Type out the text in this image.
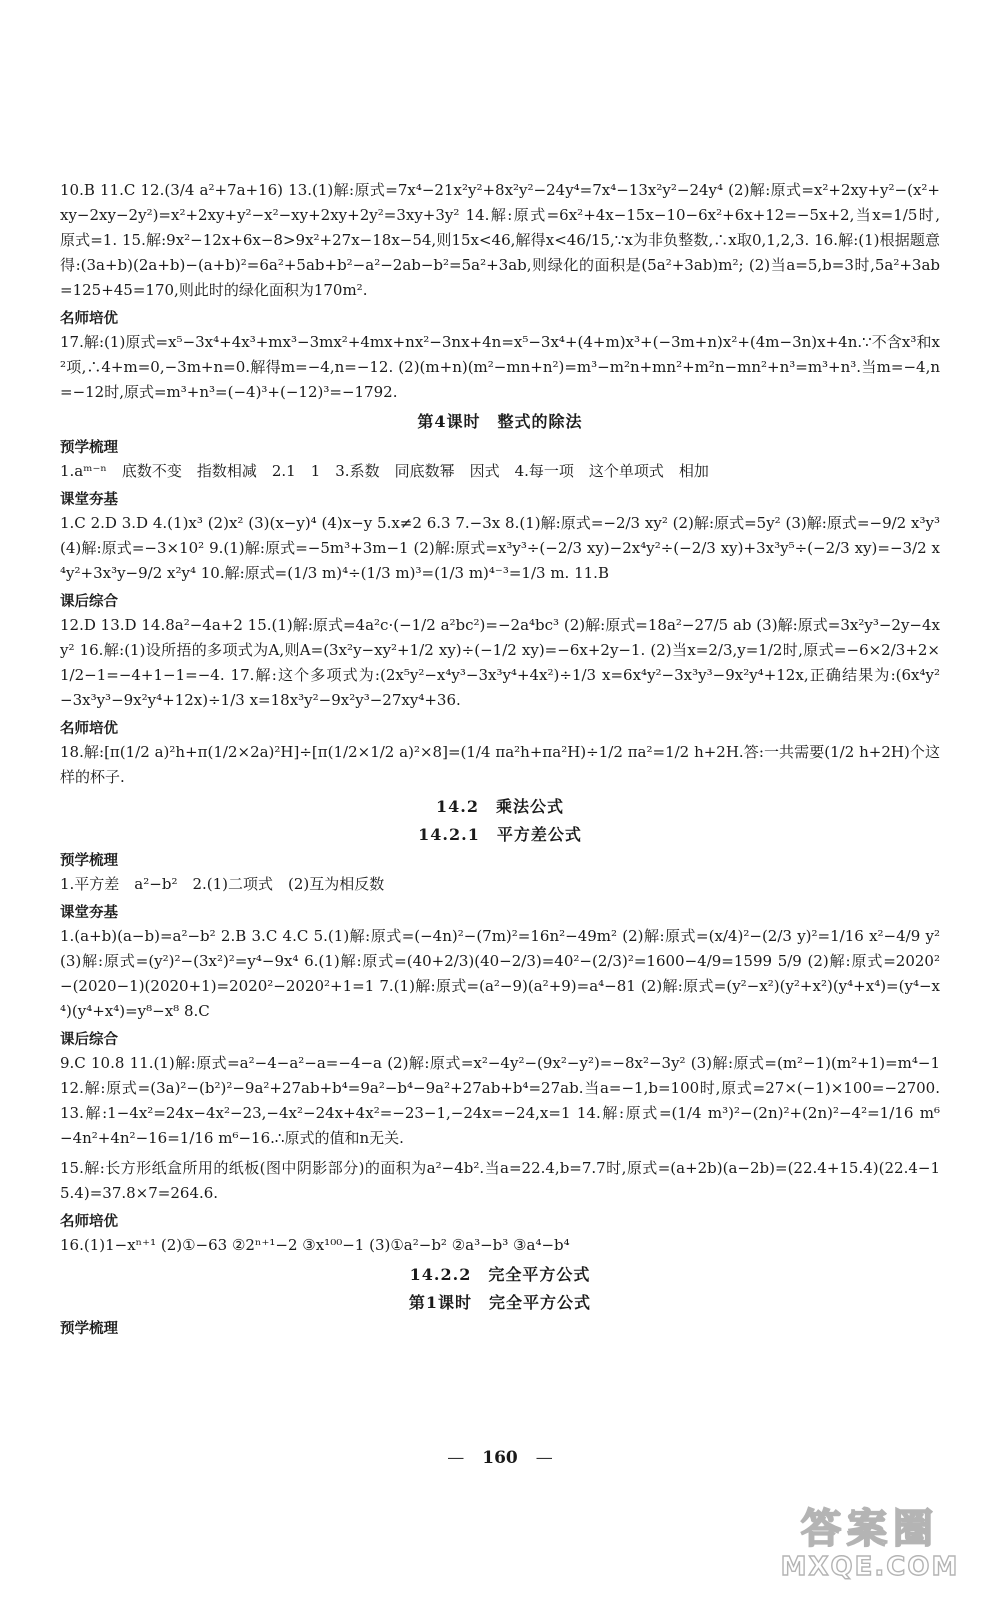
10.B 11.C 12.(3/4 a²+7a+16) 13.(1)解:原式=7x⁴−21x²y²+8x²y²−24y⁴=7x⁴−13x²y²−24y⁴ (2)解:原式=x²+2xy+y²−(x²+xy−2xy−2y²)=x²+2xy+y²−x²−xy+2xy+2y²=3xy+3y² 14.解:原式=6x²+4x−15x−10−6x²+6x+12=−5x+2,当x=1/5时,原式=1. 15.解:9x²−12x+6x−8>9x²+27x−18x−54,则15x<46,解得x<46/15,∵x为非负整数,∴x取0,1,2,3. 16.解:(1)根据题意得:(3a+b)(2a+b)−(a+b)²=6a²+5ab+b²−a²−2ab−b²=5a²+3ab,则绿化的面积是(5a²+3ab)m²; (2)当a=5,b=3时,5a²+3ab=125+45=170,则此时的绿化面积为170m².

名师培优

17.解:(1)原式=x⁵−3x⁴+4x³+mx³−3mx²+4mx+nx²−3nx+4n=x⁵−3x⁴+(4+m)x³+(−3m+n)x²+(4m−3n)x+4n.∵不含x³和x²项,∴4+m=0,−3m+n=0.解得m=−4,n=−12. (2)(m+n)(m²−mn+n²)=m³−m²n+mn²+m²n−mn²+n³=m³+n³.当m=−4,n=−12时,原式=m³+n³=(−4)³+(−12)³=−1792.

第4课时　整式的除法
预学梳理

1.aᵐ⁻ⁿ　底数不变　指数相减　2.1　1　3.系数　同底数幂　因式　4.每一项　这个单项式　相加

课堂夯基

1.C 2.D 3.D 4.(1)x³ (2)x² (3)(x−y)⁴ (4)x−y 5.x≠2 6.3 7.−3x 8.(1)解:原式=−2/3 xy² (2)解:原式=5y² (3)解:原式=−9/2 x³y³ (4)解:原式=−3×10² 9.(1)解:原式=−5m³+3m−1 (2)解:原式=x³y³÷(−2/3 xy)−2x⁴y²÷(−2/3 xy)+3x³y⁵÷(−2/3 xy)=−3/2 x⁴y²+3x³y−9/2 x²y⁴ 10.解:原式=(1/3 m)⁴÷(1/3 m)³=(1/3 m)⁴⁻³=1/3 m. 11.B

课后综合

12.D 13.D 14.8a²−4a+2 15.(1)解:原式=4a²c·(−1/2 a²bc²)=−2a⁴bc³ (2)解:原式=18a²−27/5 ab (3)解:原式=3x²y³−2y−4xy² 16.解:(1)设所捂的多项式为A,则A=(3x²y−xy²+1/2 xy)÷(−1/2 xy)=−6x+2y−1. (2)当x=2/3,y=1/2时,原式=−6×2/3+2×1/2−1=−4+1−1=−4. 17.解:这个多项式为:(2x⁵y²−x⁴y³−3x³y⁴+4x²)÷1/3 x=6x⁴y²−3x³y³−9x²y⁴+12x,正确结果为:(6x⁴y²−3x³y³−9x²y⁴+12x)÷1/3 x=18x³y²−9x²y³−27xy⁴+36.

名师培优

18.解:[π(1/2 a)²h+π(1/2×2a)²H]÷[π(1/2×1/2 a)²×8]=(1/4 πa²h+πa²H)÷1/2 πa²=1/2 h+2H.答:一共需要(1/2 h+2H)个这样的杯子.

14.2　乘法公式
14.2.1　平方差公式
预学梳理

1.平方差　a²−b²　2.(1)二项式　(2)互为相反数

课堂夯基

1.(a+b)(a−b)=a²−b² 2.B 3.C 4.C 5.(1)解:原式=(−4n)²−(7m)²=16n²−49m² (2)解:原式=(x/4)²−(2/3 y)²=1/16 x²−4/9 y² (3)解:原式=(y²)²−(3x²)²=y⁴−9x⁴ 6.(1)解:原式=(40+2/3)(40−2/3)=40²−(2/3)²=1600−4/9=1599 5/9 (2)解:原式=2020²−(2020−1)(2020+1)=2020²−2020²+1=1 7.(1)解:原式=(a²−9)(a²+9)=a⁴−81 (2)解:原式=(y²−x²)(y²+x²)(y⁴+x⁴)=(y⁴−x⁴)(y⁴+x⁴)=y⁸−x⁸ 8.C

课后综合

9.C 10.8 11.(1)解:原式=a²−4−a²−a=−4−a (2)解:原式=x²−4y²−(9x²−y²)=−8x²−3y² (3)解:原式=(m²−1)(m²+1)=m⁴−1 12.解:原式=(3a)²−(b²)²−9a²+27ab+b⁴=9a²−b⁴−9a²+27ab+b⁴=27ab.当a=−1,b=100时,原式=27×(−1)×100=−2700. 13.解:1−4x²=24x−4x²−23,−4x²−24x+4x²=−23−1,−24x=−24,x=1 14.解:原式=(1/4 m³)²−(2n)²+(2n)²−4²=1/16 m⁶−4n²+4n²−16=1/16 m⁶−16.∴原式的值和n无关.

15.解:长方形纸盒所用的纸板(图中阴影部分)的面积为a²−4b².当a=22.4,b=7.7时,原式=(a+2b)(a−2b)=(22.4+15.4)(22.4−15.4)=37.8×7=264.6.

名师培优

16.(1)1−xⁿ⁺¹ (2)①−63 ②2ⁿ⁺¹−2 ③x¹⁰⁰−1 (3)①a²−b² ②a³−b³ ③a⁴−b⁴

14.2.2　完全平方公式
第1课时　完全平方公式
预学梳理
— 160 —
答案圈
MXQE.COM
